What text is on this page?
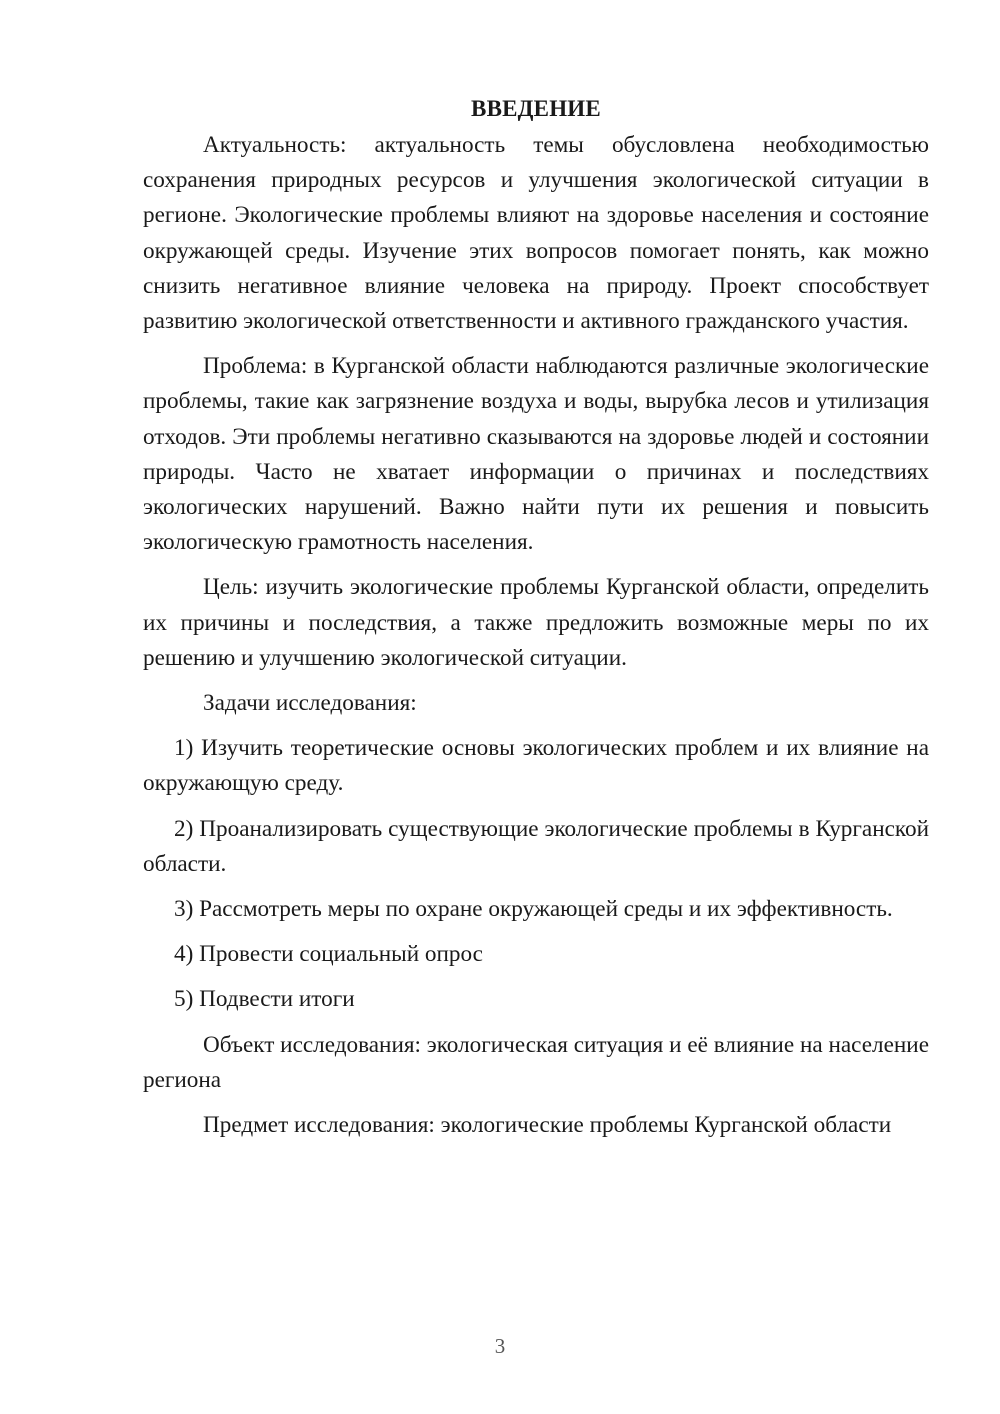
ВВЕДЕНИЕ

Актуальность: актуальность темы обусловлена необходимостью сохранения природных ресурсов и улучшения экологической ситуации в регионе. Экологические проблемы влияют на здоровье населения и состояние окружающей среды. Изучение этих вопросов помогает понять, как можно снизить негативное влияние человека на природу. Проект способствует развитию экологической ответственности и активного гражданского участия.

Проблема: в Курганской области наблюдаются различные экологические проблемы, такие как загрязнение воздуха и воды, вырубка лесов и утилизация отходов. Эти проблемы негативно сказываются на здоровье людей и состоянии природы. Часто не хватает информации о причинах и последствиях экологических нарушений. Важно найти пути их решения и повысить экологическую грамотность населения.

Цель: изучить экологические проблемы Курганской области, определить их причины и последствия, а также предложить возможные меры по их решению и улучшению экологической ситуации.

Задачи исследования:

1) Изучить теоретические основы экологических проблем и их влияние на окружающую среду.

2) Проанализировать существующие экологические проблемы в Курганской области.

3) Рассмотреть меры по охране окружающей среды и их эффективность.

4) Провести социальный опрос

5) Подвести итоги

Объект исследования: экологическая ситуация и её влияние на население региона

Предмет исследования: экологические проблемы Курганской области

3
